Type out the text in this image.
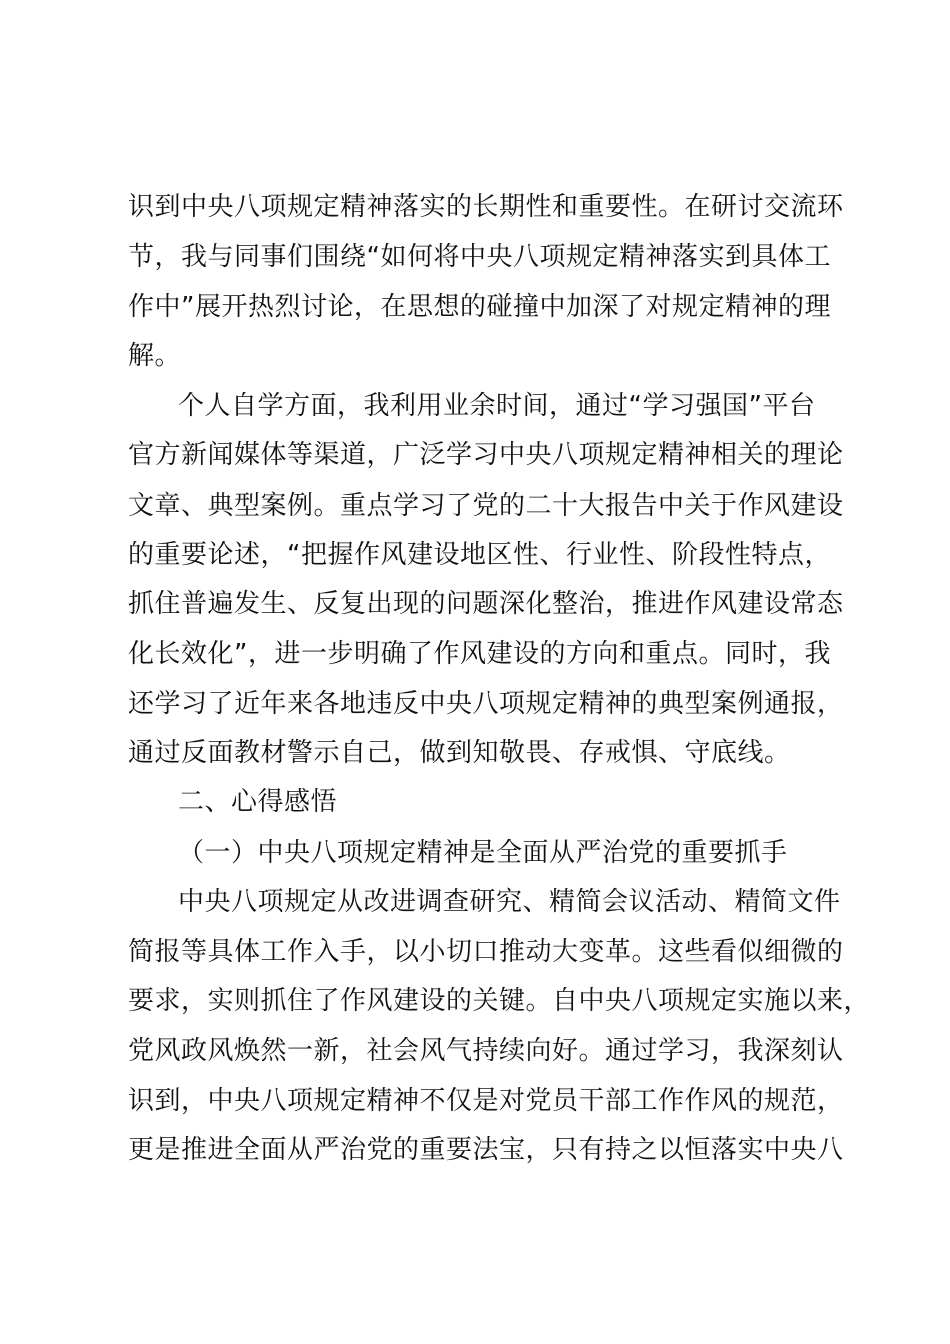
识到中央八项规定精神落实的长期性和重要性。在研讨交流环
节，我与同事们围绕“如何将中央八项规定精神落实到具体工
作中”展开热烈讨论，在思想的碰撞中加深了对规定精神的理
解。
个人自学方面，我利用业余时间，通过“学习强国”平台
官方新闻媒体等渠道，广泛学习中央八项规定精神相关的理论
文章、典型案例。重点学习了党的二十大报告中关于作风建设
的重要论述，“把握作风建设地区性、行业性、阶段性特点，
抓住普遍发生、反复出现的问题深化整治，推进作风建设常态
化长效化”，进一步明确了作风建设的方向和重点。同时，我
还学习了近年来各地违反中央八项规定精神的典型案例通报，
通过反面教材警示自己，做到知敬畏、存戒惧、守底线。
二、心得感悟
（一）中央八项规定精神是全面从严治党的重要抓手
中央八项规定从改进调查研究、精简会议活动、精简文件
简报等具体工作入手，以小切口推动大变革。这些看似细微的
要求，实则抓住了作风建设的关键。自中央八项规定实施以来，
党风政风焕然一新，社会风气持续向好。通过学习，我深刻认
识到，中央八项规定精神不仅是对党员干部工作作风的规范，
更是推进全面从严治党的重要法宝，只有持之以恒落实中央八
